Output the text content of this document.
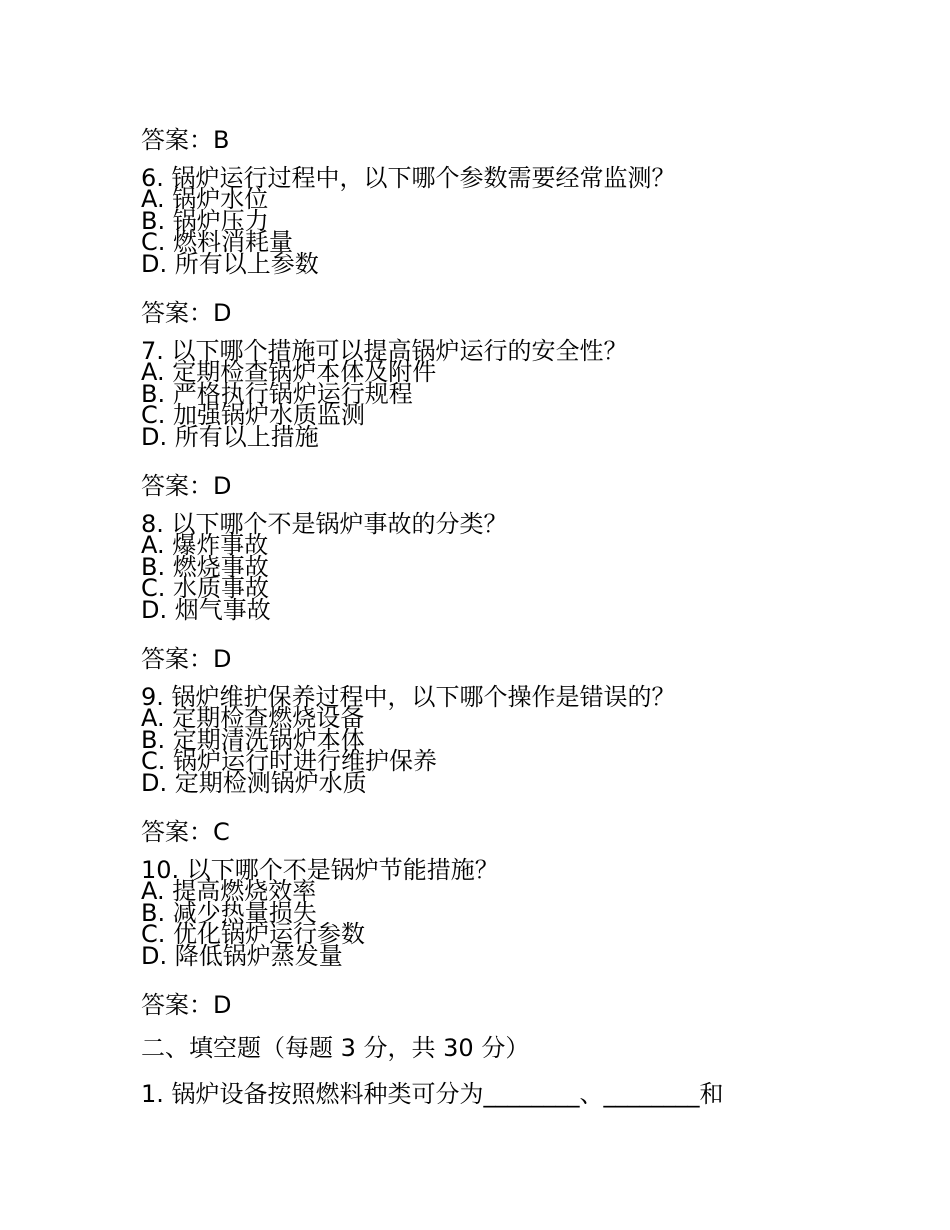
答案：B
6. 锅炉运行过程中，以下哪个参数需要经常监测？
A. 锅炉水位
B. 锅炉压力
C. 燃料消耗量
D. 所有以上参数
答案：D
7. 以下哪个措施可以提高锅炉运行的安全性？
A. 定期检查锅炉本体及附件
B. 严格执行锅炉运行规程
C. 加强锅炉水质监测
D. 所有以上措施
答案：D
8. 以下哪个不是锅炉事故的分类？
A. 爆炸事故
B. 燃烧事故
C. 水质事故
D. 烟气事故
答案：D
9. 锅炉维护保养过程中，以下哪个操作是错误的？
A. 定期检查燃烧设备
B. 定期清洗锅炉本体
C. 锅炉运行时进行维护保养
D. 定期检测锅炉水质
答案：C
10. 以下哪个不是锅炉节能措施？
A. 提高燃烧效率
B. 减少热量损失
C. 优化锅炉运行参数
D. 降低锅炉蒸发量
答案：D
二、填空题（每题 3 分，共 30 分）
1. 锅炉设备按照燃料种类可分为________、________和
